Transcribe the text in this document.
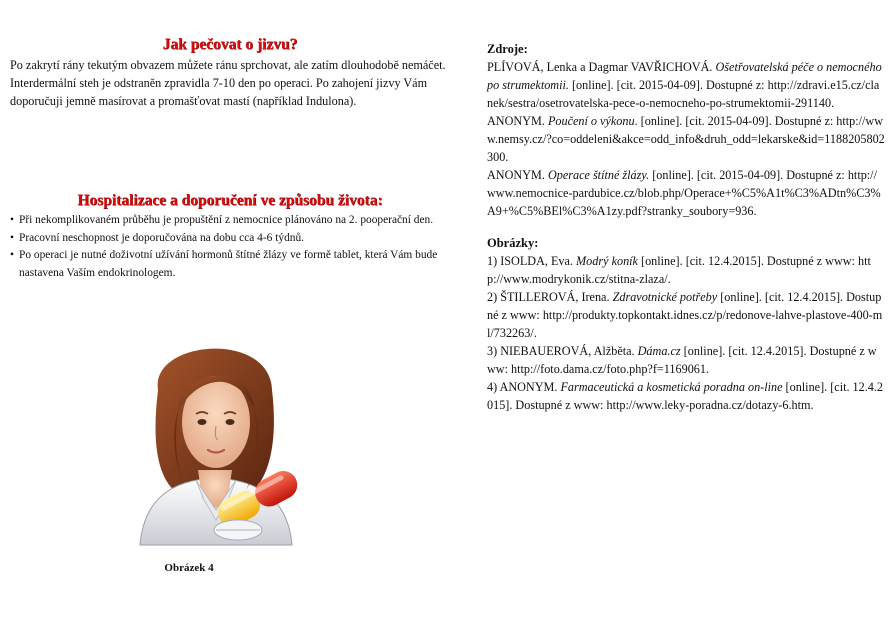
Jak pečovat o jizvu?

Po zakrytí rány tekutým obvazem můžete ránu sprchovat, ale zatím dlouhodobě nemáčet. Interdermální steh je odstraněn zpravidla 7-10 den po operaci. Po zahojení jizvy Vám doporučuji jemně masírovat a promašťovat mastí (například Indulona).

Hospitalizace a doporučení ve způsobu života:
• Při nekomplikovaném průběhu je propuštění z nemocnice plánováno na 2. pooperační den.
• Pracovní neschopnost je doporučována na dobu cca 4-6 týdnů.
• Po operaci je nutné doživotní užívání hormonů štítné žlázy ve formě tablet, která Vám bude nastavena Vaším endokrinologem.
Obrázek 4

Zdroje:

PLÍVOVÁ, Lenka a Dagmar VAVŘICHOVÁ. Ošetřovatelská péče o nemocného po strumektomii. [online]. [cit. 2015-04-09]. Dostupné z: http://zdravi.e15.cz/clanek/sestra/osetrovatelska-pece-o-nemocneho-po-strumektomii-291140.

ANONYM. Poučení o výkonu. [online]. [cit. 2015-04-09]. Dostupné z: http://www.nemsy.cz/?co=oddeleni&akce=odd_info&druh_odd=lekarske&id=1188205802300.

ANONYM. Operace štítné žlázy. [online]. [cit. 2015-04-09]. Dostupné z: http://www.nemocnice-pardubice.cz/blob.php/Operace+%C5%A1t%C3%ADtn%C3%A9+%C5%BEl%C3%A1zy.pdf?stranky_soubory=936.

Obrázky:

1) ISOLDA, Eva. Modrý koník [online]. [cit. 12.4.2015]. Dostupné z www: http://www.modrykonik.cz/stitna-zlaza/.

2) ŠTILLEROVÁ, Irena. Zdravotnické potřeby [online]. [cit. 12.4.2015]. Dostupné z www: http://produkty.topkontakt.idnes.cz/p/redonove-lahve-plastove-400-ml/732263/.

3) NIEBAUEROVÁ, Alžběta. Dáma.cz [online]. [cit. 12.4.2015]. Dostupné z www: http://foto.dama.cz/foto.php?f=1169061.

4) ANONYM. Farmaceutická a kosmetická poradna on-line [online]. [cit. 12.4.2015]. Dostupné z www: http://www.leky-poradna.cz/dotazy-6.htm.
